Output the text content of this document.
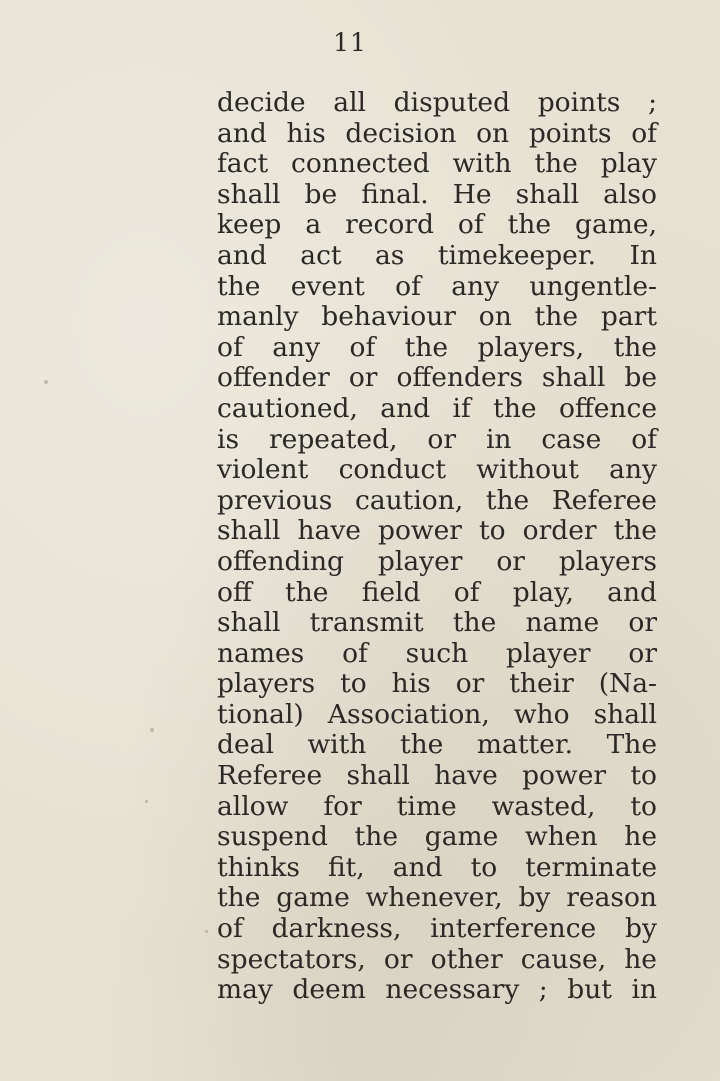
11
decide all disputed points ;
and his decision on points of
fact connected with the play
shall be final. He shall also
keep a record of the game,
and act as timekeeper. In
the event of any ungentle-
manly behaviour on the part
of any of the players, the
offender or offenders shall be
cautioned, and if the offence
is repeated, or in case of
violent conduct without any
previous caution, the Referee
shall have power to order the
offending player or players
off the field of play, and
shall transmit the name or
names of such player or
players to his or their (Na-
tional) Association, who shall
deal with the matter. The
Referee shall have power to
allow for time wasted, to
suspend the game when he
thinks fit, and to terminate
the game whenever, by reason
of darkness, interference by
spectators, or other cause, he
may deem necessary ; but in
